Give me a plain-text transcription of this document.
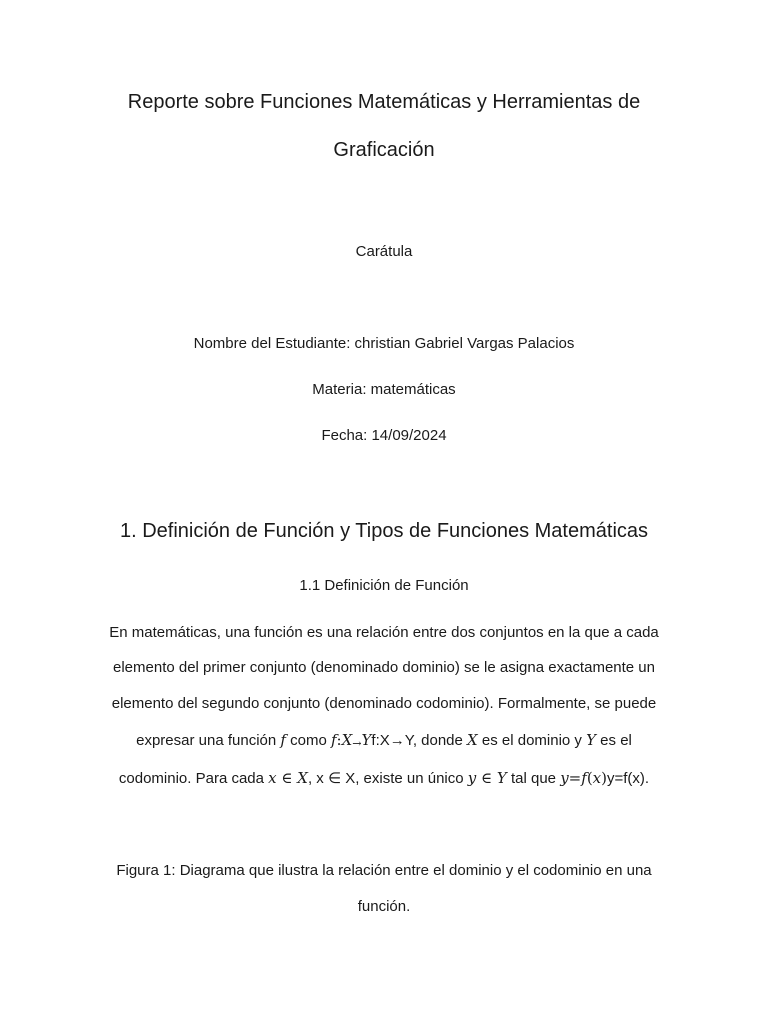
Reporte sobre Funciones Matemáticas y Herramientas de
Graficación
Carátula
Nombre del Estudiante: christian Gabriel Vargas Palacios
Materia: matemáticas
Fecha: 14/09/2024
1. Definición de Función y Tipos de Funciones Matemáticas
1.1 Definición de Función
En matemáticas, una función es una relación entre dos conjuntos en la que a cada
elemento del primer conjunto (denominado dominio) se le asigna exactamente un
elemento del segundo conjunto (denominado codominio). Formalmente, se puede
expresar una función f como f:X→Yf:X→Y, donde X es el dominio y Y es el
codominio. Para cada x ∈ X, x ∈ X, existe un único y ∈ Y tal que y=f(x)y=f(x).
Figura 1: Diagrama que ilustra la relación entre el dominio y el codominio en una
función.
